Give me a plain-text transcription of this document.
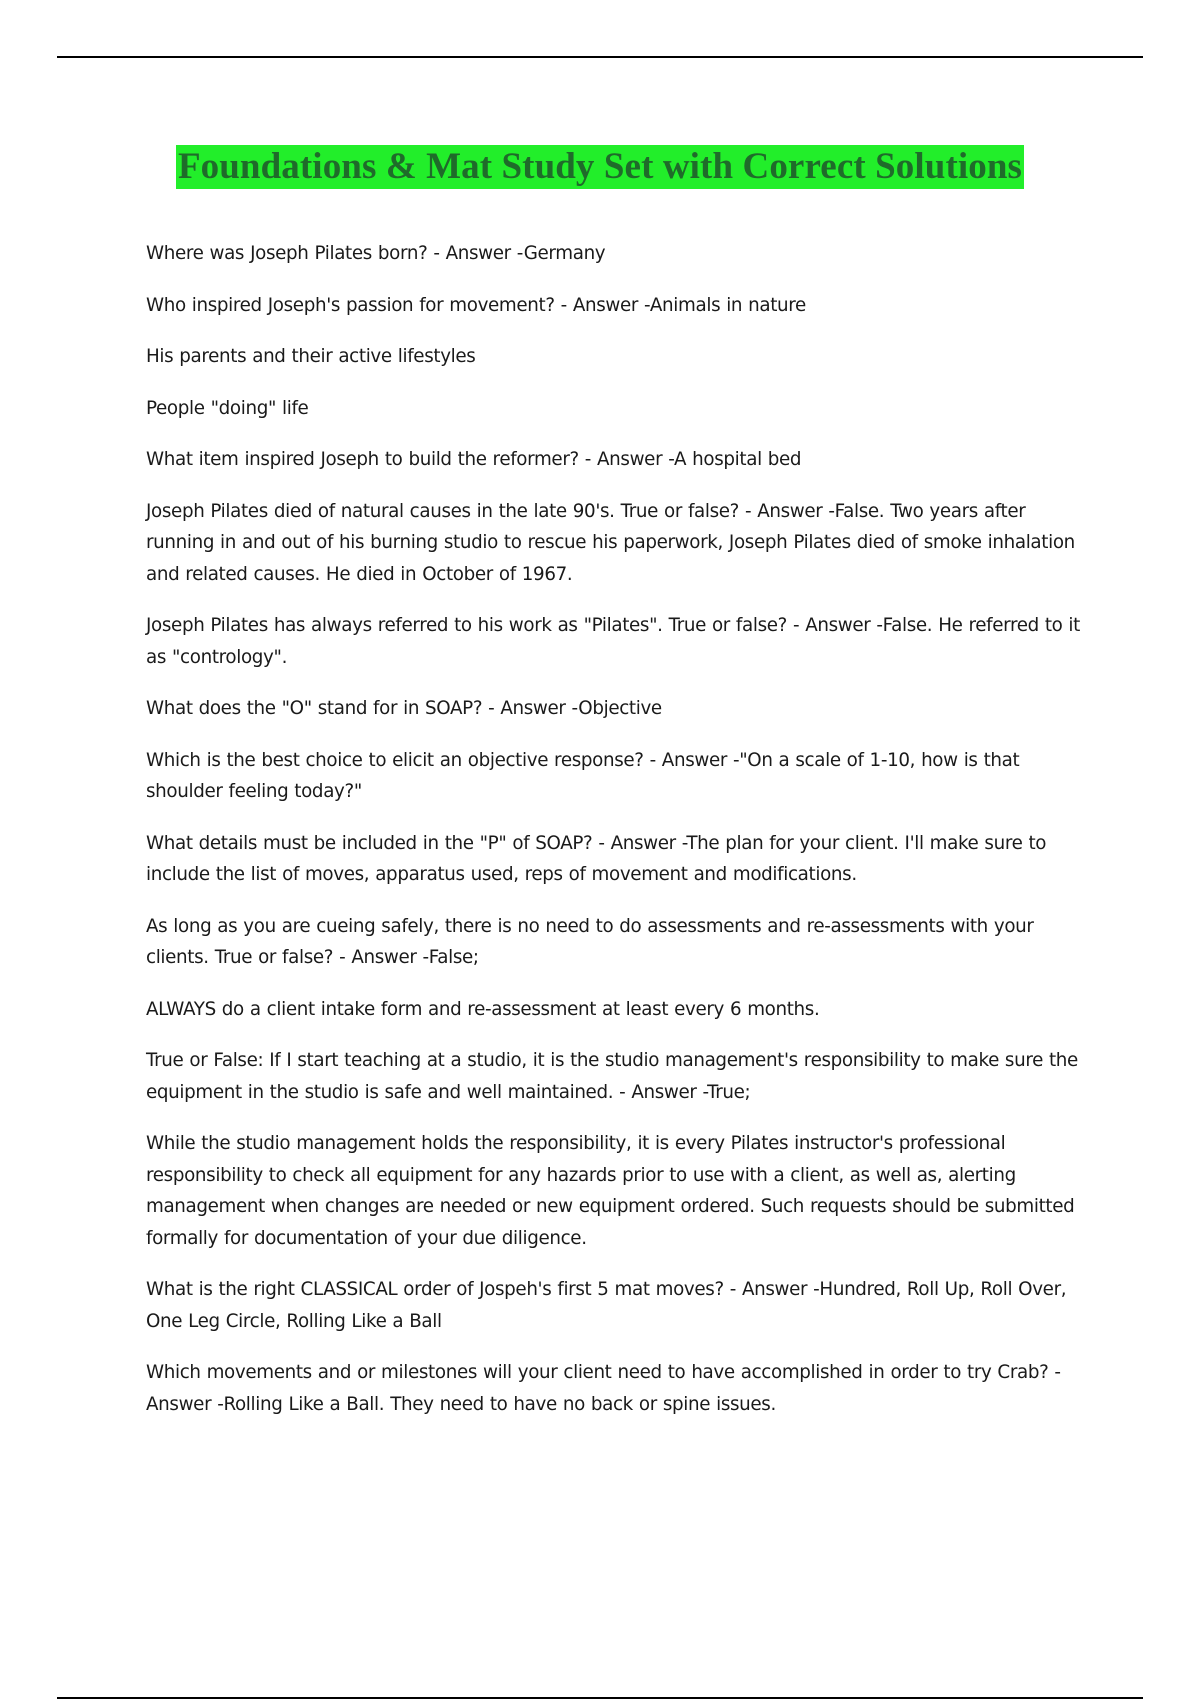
Foundations & Mat Study Set with Correct Solutions

Where was Joseph Pilates born? - Answer -Germany

Who inspired Joseph's passion for movement? - Answer -Animals in nature

His parents and their active lifestyles

People "doing" life

What item inspired Joseph to build the reformer? - Answer -A hospital bed

Joseph Pilates died of natural causes in the late 90's. True or false? - Answer -False. Two years after running in and out of his burning studio to rescue his paperwork, Joseph Pilates died of smoke inhalation and related causes. He died in October of 1967.

Joseph Pilates has always referred to his work as "Pilates". True or false? - Answer -False. He referred to it as "contrology".

What does the "O" stand for in SOAP? - Answer -Objective

Which is the best choice to elicit an objective response? - Answer -"On a scale of 1-10, how is that shoulder feeling today?"

What details must be included in the "P" of SOAP? - Answer -The plan for your client. I'll make sure to include the list of moves, apparatus used, reps of movement and modifications.

As long as you are cueing safely, there is no need to do assessments and re-assessments with your clients. True or false? - Answer -False;

ALWAYS do a client intake form and re-assessment at least every 6 months.

True or False: If I start teaching at a studio, it is the studio management's responsibility to make sure the equipment in the studio is safe and well maintained. - Answer -True;

While the studio management holds the responsibility, it is every Pilates instructor's professional responsibility to check all equipment for any hazards prior to use with a client, as well as, alerting management when changes are needed or new equipment ordered. Such requests should be submitted formally for documentation of your due diligence.

What is the right CLASSICAL order of Jospeh's first 5 mat moves? - Answer -Hundred, Roll Up, Roll Over, One Leg Circle, Rolling Like a Ball

Which movements and or milestones will your client need to have accomplished in order to try Crab? - Answer -Rolling Like a Ball. They need to have no back or spine issues.
